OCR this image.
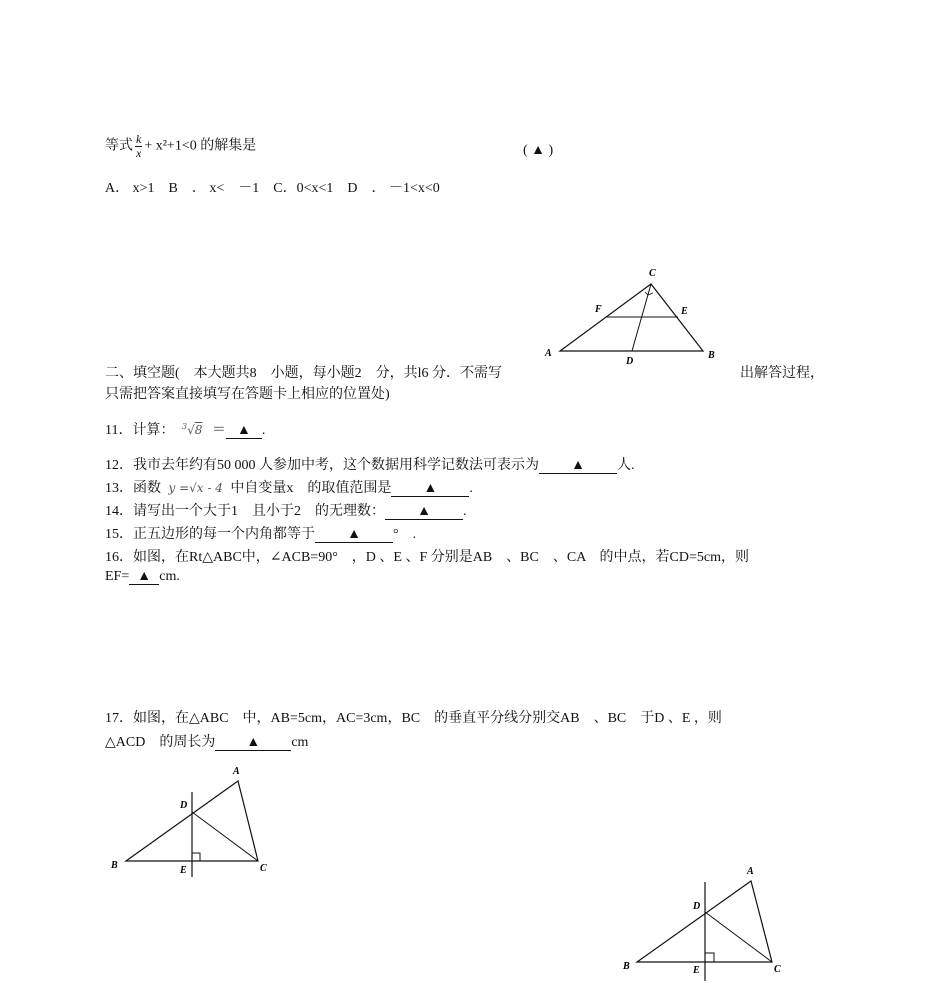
等式 $\frac{k}{x} + x^2+1<0$ 的解集是	( ▲ )
A． x>1　B　． x<　－1　C．0<x<1　D　． －1<x<0
C
F	E
A
D
B
二、填空题(　本大题共8　小题，每小题2　分，共l6 分．不需写	出解答过程，
只需把答案直接填写在答题卡上相应的位置处)
11．计算： $^3$√8 ＝ ▲ .
12．我市去年约有50 000 人参加中考，这个数据用科学记数法可表示为 ▲ 人.
13．函数 y =√x - 4 中自变量x　的取值范围是 ▲ .
14．请写出一个大于1　且小于2　的无理数： ▲ .
15．正五边形的每一个内角都等于 ▲ °　.
16．如图，在Rt△ABC中，∠ACB=90°　，D 、E 、F 分别是AB　、BC　、CA　的中点，若CD=5cm，则
EF= ▲ cm.
17．如图，在△ABC　中，AB=5cm，AC=3cm，BC　的垂直平分线分别交AB　、BC　于D 、E ，则
△ACD　的周长为 ▲ cm
A
D
B	E	C	A
D
B	E	C
